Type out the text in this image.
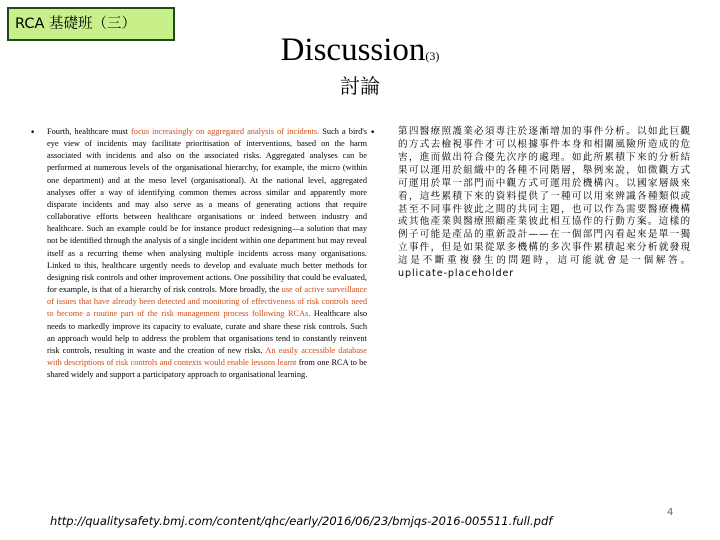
RCA 基礎班（三）
Discussion(3)
討論
•	•

Fourth, healthcare must focus increasingly on aggregated analysis of incidents. Such a bird's eye view of incidents may facilitate prioritisation of interventions, based on the harm associated with incidents and also on the associated risks. Aggregated analyses can be performed at numerous levels of the organisational hierarchy, for example, the micro (within one department) and at the meso level (organisational). At the national level, aggregated analyses offer a way of identifying common themes across similar and apparently more disparate incidents and may also serve as a means of generating actions that require collaborative efforts between healthcare organisations or indeed between industry and healthcare. Such an example could be for instance product redesigning—a solution that may not be identified through the analysis of a single incident within one department but may reveal itself as a recurring theme when analysing multiple incidents across many organisations. Linked to this, healthcare urgently needs to develop and evaluate much better methods for designing risk controls and other improvement actions. One possibility that could be evaluated, for example, is that of a hierarchy of risk controls. More broadly, the use of active surveillance of issues that have already been detected and monitoring of effectiveness of risk controls need to become a routine part of the risk management process following RCAs. Healthcare also needs to markedly improve its capacity to evaluate, curate and share these risk controls. Such an approach would help to address the problem that organisations tend to constantly reinvent risk controls, resulting in waste and the creation of new risks. An easily accessible database with descriptions of risk controls and contexts would enable lessons learnt from one RCA to be shared widely and support a participatory approach to organisational learning.

第四醫療照護業必須專注於逐漸增加的事件分析。以如此巨觀的方式去檢視事件才可以根據事件本身和相關風險所造成的危害，進而做出符合優先次序的處理。如此所累積下來的分析結果可以運用於組織中的各種不同階層，舉例來說，如微觀方式可運用於單一部門而中觀方式可運用於機構內。以國家層級來看，這些累積下來的資料提供了一種可以用來辨識各種類似或甚至不同事件彼此之間的共同主題，也可以作為需要醫療機構或其他產業與醫療照顧產業彼此相互協作的行動方案。這樣的例子可能是產品的重新設計——在一個部門內看起來是單一獨立事件，但是如果從眾多機構的多次事件累積起來分析就發現這是不斷重複發生的問題時，這可能就會是一個解答。uplicate-placeholder

http://qualitysafety.bmj.com/content/qhc/early/2016/06/23/bmjqs-2016-005511.full.pdf
4
